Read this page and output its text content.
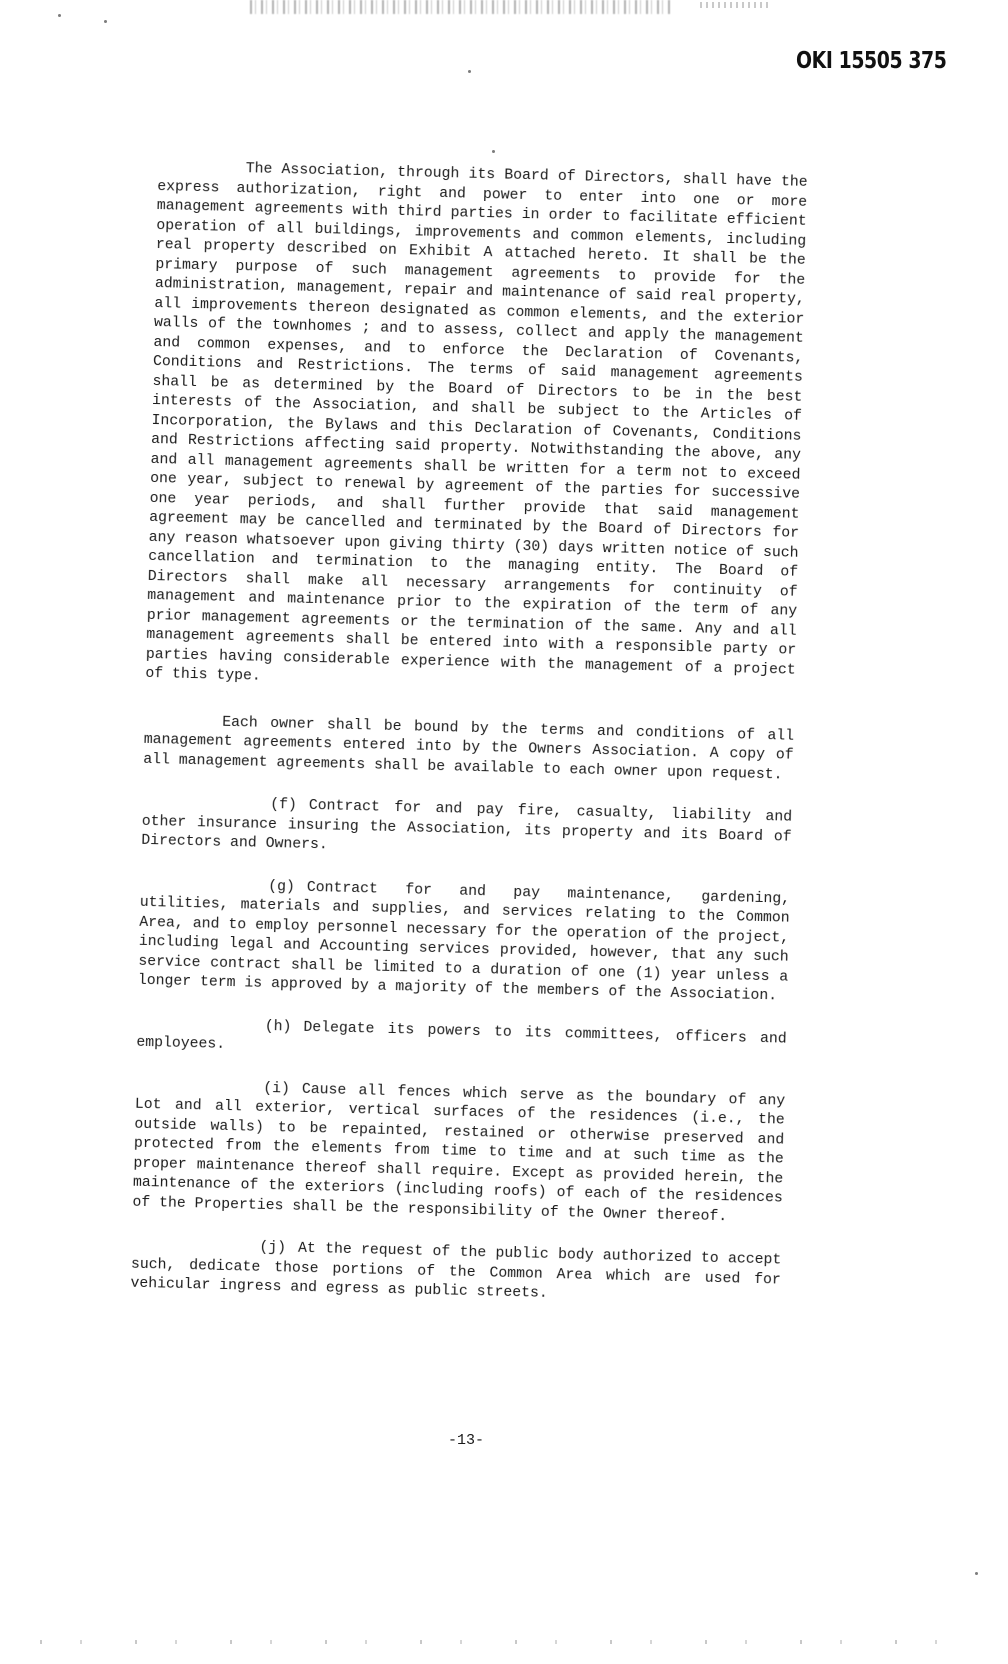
OKI 15505 375

The Association, through its Board of Directors, shall have the express authorization, right and power to enter into one or more management agreements with third parties in order to facilitate efficient operation of all buildings, improvements and common elements, including real property described on Exhibit A attached hereto. It shall be the primary purpose of such management agreements to provide for the administration, management, repair and maintenance of said real property, all improvements thereon designated as common elements, and the exterior walls of the townhomes ; and to assess, collect and apply the management and common expenses, and to enforce the Declaration of Covenants, Conditions and Restrictions. The terms of said management agreements shall be as determined by the Board of Directors to be in the best interests of the Association, and shall be subject to the Articles of Incorporation, the Bylaws and this Declaration of Covenants, Conditions and Restrictions affecting said property. Notwithstanding the above, any and all management agreements shall be written for a term not to exceed one year, subject to renewal by agreement of the parties for successive one year periods, and shall further provide that said management agreement may be cancelled and terminated by the Board of Directors for any reason whatsoever upon giving thirty (30) days written notice of such cancellation and termination to the managing entity. The Board of Directors shall make all necessary arrangements for continuity of management and maintenance prior to the expiration of the term of any prior management agreements or the termination of the same. Any and all management agreements shall be entered into with a responsible party or parties having considerable experience with the management of a project of this type.

Each owner shall be bound by the terms and conditions of all management agreements entered into by the Owners Association. A copy of all management agreements shall be available to each owner upon request.

(f) Contract for and pay fire, casualty, liability and other insurance insuring the Association, its property and its Board of Directors and Owners.

(g) Contract for and pay maintenance, gardening, utilities, materials and supplies, and services relating to the Common Area, and to employ personnel necessary for the operation of the project, including legal and Accounting services provided, however, that any such service contract shall be limited to a duration of one (1) year unless a longer term is approved by a majority of the members of the Association.

(h) Delegate its powers to its committees, officers and employees.

(i) Cause all fences which serve as the boundary of any Lot and all exterior, vertical surfaces of the residences (i.e., the outside walls) to be repainted, restained or otherwise preserved and protected from the elements from time to time and at such time as the proper maintenance thereof shall require. Except as provided herein, the maintenance of the exteriors (including roofs) of each of the residences of the Properties shall be the responsibility of the Owner thereof.

(j) At the request of the public body authorized to accept such, dedicate those portions of the Common Area which are used for vehicular ingress and egress as public streets.

-13-
